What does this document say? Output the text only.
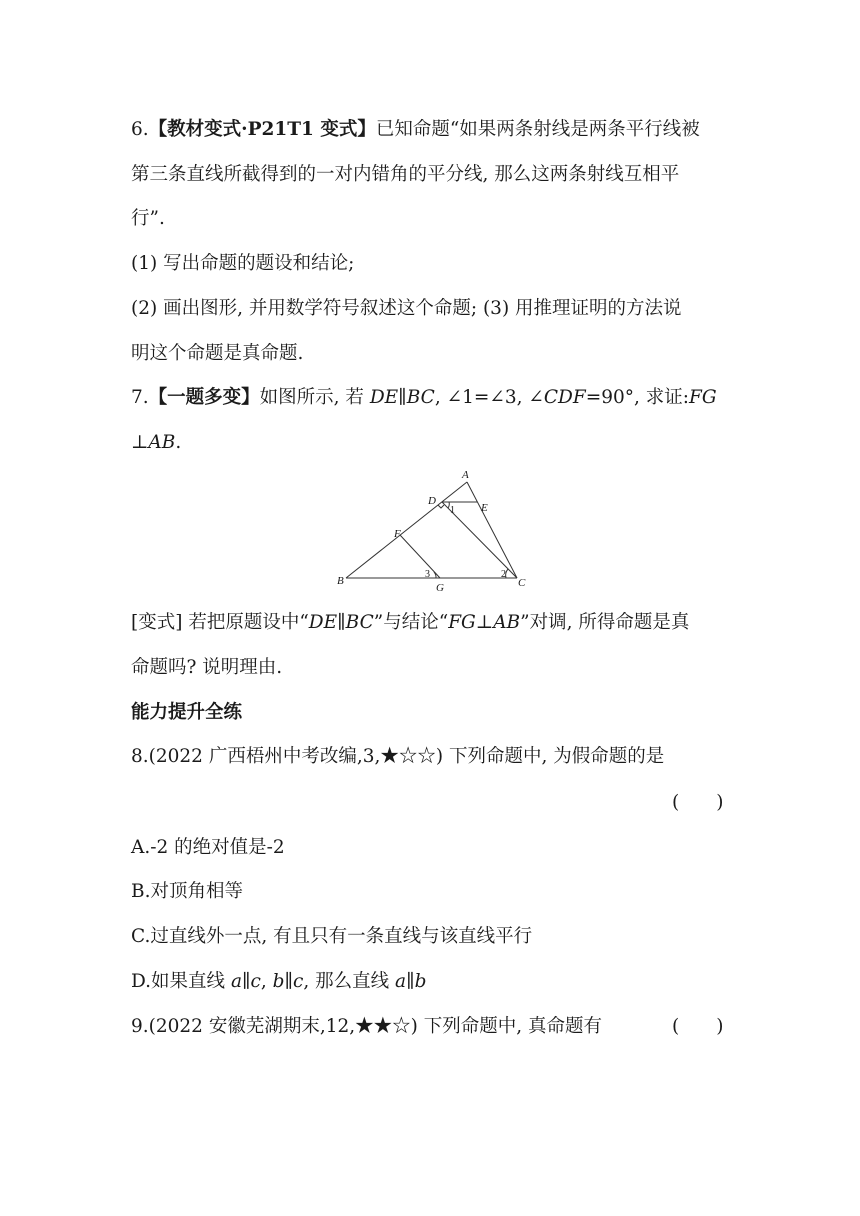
6.【教材变式·P21T1 变式】已知命题“如果两条射线是两条平行线被
第三条直线所截得到的一对内错角的平分线, 那么这两条射线互相平
行”.
(1) 写出命题的题设和结论;
(2) 画出图形, 并用数学符号叙述这个命题; (3) 用推理证明的方法说
明这个命题是真命题.
7.【一题多变】如图所示, 若 DE∥BC, ∠1=∠3, ∠CDF=90°, 求证:FG
⊥AB.
A
B	C
D
E
F
G
1
2
3
[变式] 若把原题设中“DE∥BC”与结论“FG⊥AB”对调, 所得命题是真
命题吗? 说明理由.
能力提升全练
8.(2022 广西梧州中考改编,3,★☆☆) 下列命题中, 为假命题的是
(　　)
A.-2 的绝对值是-2
B.对顶角相等
C.过直线外一点, 有且只有一条直线与该直线平行
D.如果直线 a∥c, b∥c, 那么直线 a∥b
9.(2022 安徽芜湖期末,12,★★☆) 下列命题中, 真命题有	(　　)
